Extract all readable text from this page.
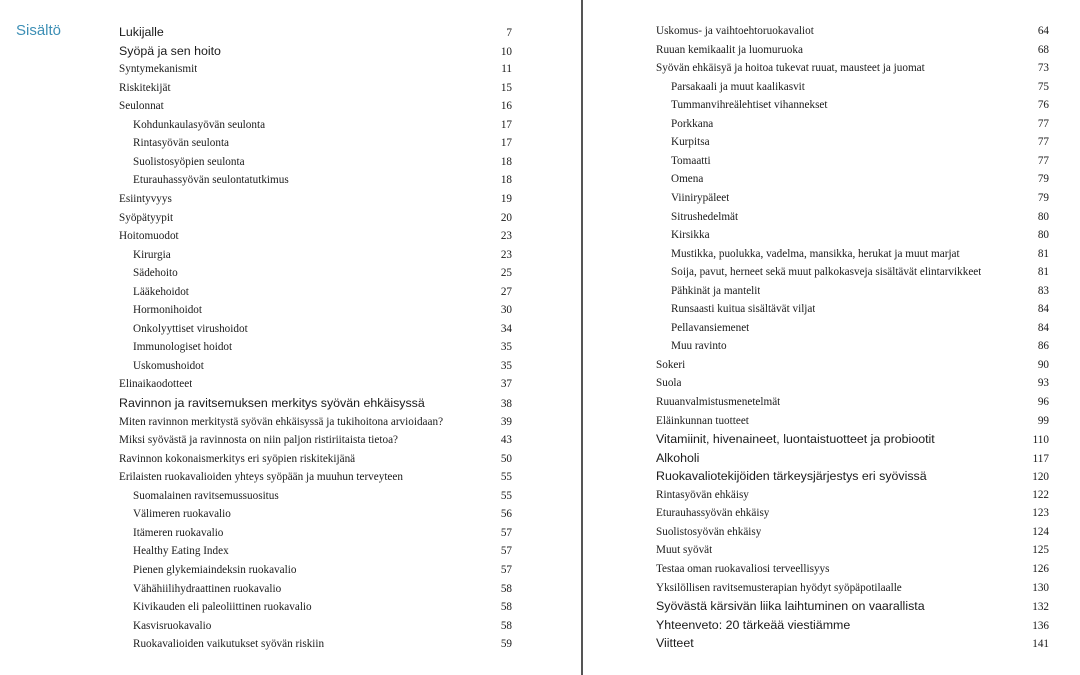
Sisältö	Lukijalle	7
Syöpä ja sen hoito	10
Syntymekanismit	11
Riskitekijät	15
Seulonnat	16
Kohdunkaulasyövän seulonta	17
Rintasyövän seulonta	17
Suolistosyöpien seulonta	18
Eturauhassyövän seulontatutkimus	18
Esiintyvyys	19
Syöpätyypit	20
Hoitomuodot	23
Kirurgia	23
Sädehoito	25
Lääkehoidot	27
Hormonihoidot	30
Onkolyyttiset virushoidot	34
Immunologiset hoidot	35
Uskomushoidot	35
Elinaikaodotteet	37
Ravinnon ja ravitsemuksen merkitys syövän ehkäisyssä	38
Miten ravinnon merkitystä syövän ehkäisyssä ja tukihoitona arvioidaan?	39
Miksi syövästä ja ravinnosta on niin paljon ristiriitaista tietoa?	43
Ravinnon kokonaismerkitys eri syöpien riskitekijänä	50
Erilaisten ruokavalioiden yhteys syöpään ja muuhun terveyteen	55
Suomalainen ravitsemussuositus	55
Välimeren ruokavalio	56
Itämeren ruokavalio	57
Healthy Eating Index	57
Pienen glykemiaindeksin ruokavalio	57
Vähähiilihydraattinen ruokavalio	58
Kivikauden eli paleoliittinen ruokavalio	58
Kasvisruokavalio	58
Ruokavalioiden vaikutukset syövän riskiin	59
Uskomus- ja vaihtoehtoruokavaliot	64
Ruuan kemikaalit ja luomuruoka	68
Syövän ehkäisyä ja hoitoa tukevat ruuat, mausteet ja juomat	73
Parsakaali ja muut kaalikasvit	75
Tummanvihreälehtiset vihannekset	76
Porkkana	77
Kurpitsa	77
Tomaatti	77
Omena	79
Viinirypäleet	79
Sitrushedelmät	80
Kirsikka	80
Mustikka, puolukka, vadelma, mansikka, herukat ja muut marjat	81
Soija, pavut, herneet sekä muut palkokasveja sisältävät elintarvikkeet	81
Pähkinät ja mantelit	83
Runsaasti kuitua sisältävät viljat	84
Pellavansiemenet	84
Muu ravinto	86
Sokeri	90
Suola	93
Ruuanvalmistusmenetelmät	96
Eläinkunnan tuotteet	99
Vitamiinit, hivenaineet, luontaistuotteet ja probiootit	110
Alkoholi	117
Ruokavaliotekijöiden tärkeysjärjestys eri syövissä	120
Rintasyövän ehkäisy	122
Eturauhassyövän ehkäisy	123
Suolistosyövän ehkäisy	124
Muut syövät	125
Testaa oman ruokavaliosi terveellisyys	126
Yksilöllisen ravitsemusterapian hyödyt syöpäpotilaalle	130
Syövästä kärsivän liika laihtuminen on vaarallista	132
Yhteenveto: 20 tärkeää viestiämme	136
Viitteet	141
